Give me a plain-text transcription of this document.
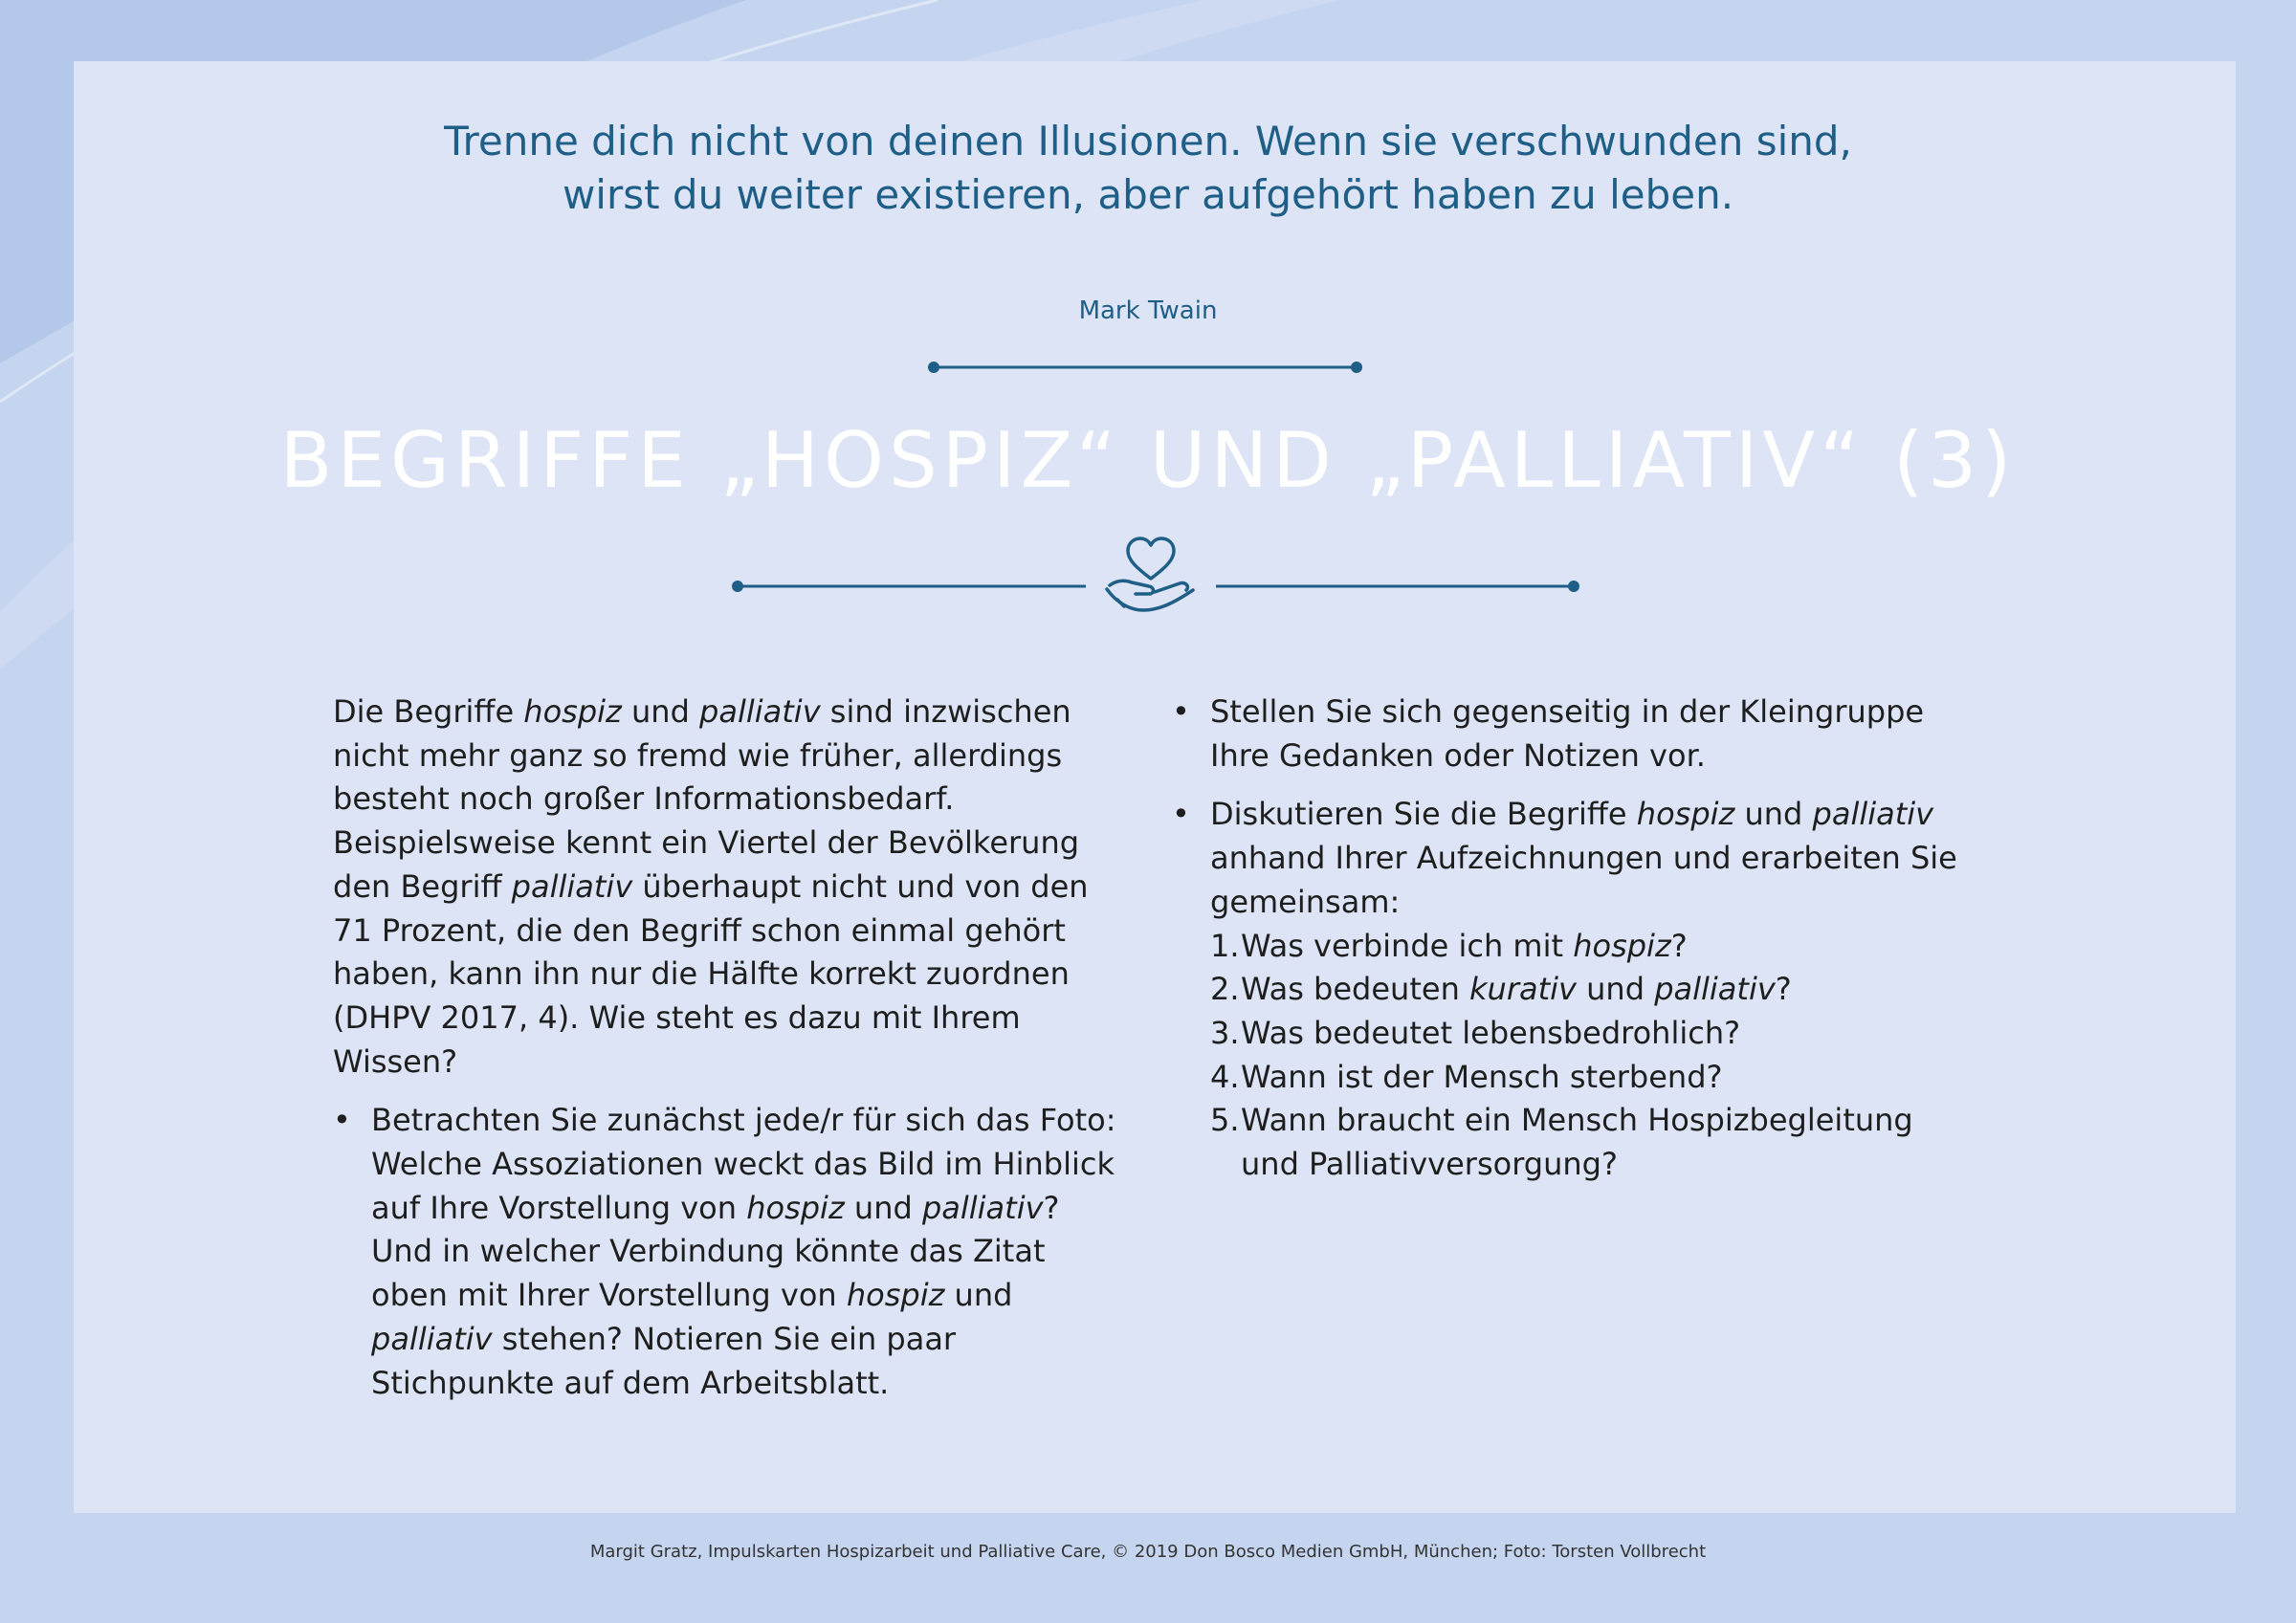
Trenne dich nicht von deinen Illusionen. Wenn sie verschwunden sind,
wirst du weiter existieren, aber aufgehört haben zu leben.
Mark Twain
BEGRIFFE „HOSPIZ“ UND „PALLIATIV“ (3)

Die Begriffe hospiz und palliativ sind inzwischen nicht mehr ganz so fremd wie früher, allerdings besteht noch großer Informationsbedarf. Beispielsweise kennt ein Viertel der Bevölkerung den Begriff palliativ überhaupt nicht und von den 71 Prozent, die den Begriff schon einmal gehört haben, kann ihn nur die Hälfte korrekt zuordnen (DHPV 2017, 4). Wie steht es dazu mit Ihrem Wissen?

• Betrachten Sie zunächst jede/r für sich das Foto: Welche Assoziationen weckt das Bild im Hinblick auf Ihre Vorstellung von hospiz und palliativ? Und in welcher Verbindung könnte das Zitat oben mit Ihrer Vorstellung von hospiz und palliativ stehen? Notieren Sie ein paar Stichpunkte auf dem Arbeitsblatt.
• Stellen Sie sich gegenseitig in der Kleingruppe Ihre Gedanken oder Notizen vor.
• Diskutieren Sie die Begriffe hospiz und palliativ anhand Ihrer Aufzeichnungen und erarbeiten Sie gemeinsam:
1. Was verbinde ich mit hospiz?
2. Was bedeuten kurativ und palliativ?
3. Was bedeutet lebensbedrohlich?
4. Wann ist der Mensch sterbend?
5. Wann braucht ein Mensch Hospizbegleitung und Palliativversorgung?
Margit Gratz, Impulskarten Hospizarbeit und Palliative Care, © 2019 Don Bosco Medien GmbH, München; Foto: Torsten Vollbrecht
